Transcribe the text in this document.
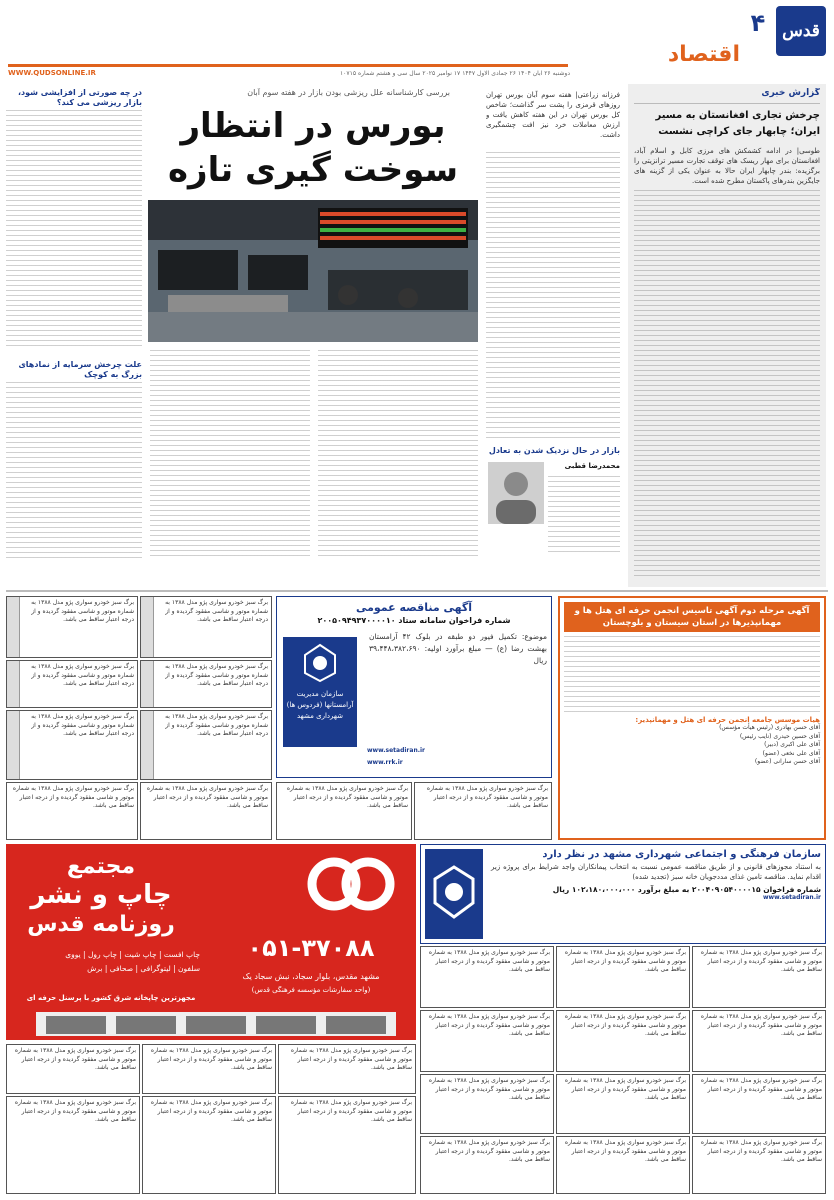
قدس
۴
اقتصاد
دوشنبه ۲۶ آبان ۱۴۰۴ ۲۶ جمادی الاول ۱۴۴۷ ۱۷ نوامبر ۲۰۲۵ سال سی و هشتم شماره ۱۰۷۱۵
WWW.QUDSONLINE.IR
گزارش خبری
چرخش تجاری افغانستان به مسیر ایران؛ چابهار جای کراچی نشست
طوسی| در ادامه کشمکش های مرزی کابل و اسلام آباد، افغانستان برای مهار ریسک های توقف تجارت مسیر ترانزیتی را برگزیده: بندر چابهار ایران حالا به عنوان یکی از گزینه های جایگزین بندرهای پاکستان مطرح شده است.
بررسی کارشناسانه علل ریزشی بودن بازار در هفته سوم آبان
بورس در انتظار سوخت گیری تازه
فرزانه زراعتی| هفته سوم آبان بورس تهران روزهای قرمزی را پشت سر گذاشت؛ شاخص کل بورس تهران در این هفته کاهش یافت و ارزش معاملات خرد نیز افت چشمگیری داشت.
بازار در حال نزدیک شدن به تعادل
محمدرضا قطبی
در چه صورتی از افزایشی شود، بازار ریزشی می کند؟
علت چرخش سرمایه از نمادهای بزرگ به کوچک
آگهی مرحله دوم آگهی تاسیس انجمن حرفه ای هتل ها و مهمانپذیرها در استان سیستان و بلوچستان
هیات موسس جامعه انجمن حرفه ای هتل و مهمانپذیر:
آقای حسن بهادری (رئیس هیأت مؤسس)
آقای حسین حیدری (نایب رئیس)
آقای علی اکبری (دبیر)
آقای علی نخعی (عضو)
آقای حسن سارانی (عضو)
آگهی مناقصه عمومی
شماره فراخوان سامانه ستاد ۲۰۰۵۰۹۴۹۳۷۰۰۰۰۱۰
موضوع: تکمیل فیور دو طبقه در بلوک ۴۲ آرامستان بهشت رضا (ع) — مبلغ برآورد اولیه: ۳۹،۴۴۸،۳۸۲،۶۹۰ ریال
سازمان مدیریت آرامستانها (فردوس ها) شهرداری مشهد
www.setadiran.ir
www.rrk.ir
برگ سبز خودرو سواری پژو مدل ۱۳۸۸ به شماره موتور و شاسی مفقود گردیده و از درجه اعتبار ساقط می باشد.
برگ سبز خودرو سواری پژو مدل ۱۳۸۸ به شماره موتور و شاسی مفقود گردیده و از درجه اعتبار ساقط می باشد.
برگ سبز خودرو سواری پژو مدل ۱۳۸۸ به شماره موتور و شاسی مفقود گردیده و از درجه اعتبار ساقط می باشد.
برگ سبز خودرو سواری پژو مدل ۱۳۸۸ به شماره موتور و شاسی مفقود گردیده و از درجه اعتبار ساقط می باشد.
برگ سبز خودرو سواری پژو مدل ۱۳۸۸ به شماره موتور و شاسی مفقود گردیده و از درجه اعتبار ساقط می باشد.
برگ سبز خودرو سواری پژو مدل ۱۳۸۸ به شماره موتور و شاسی مفقود گردیده و از درجه اعتبار ساقط می باشد.
برگ سبز خودرو سواری پژو مدل ۱۳۸۸ به شماره موتور و شاسی مفقود گردیده و از درجه اعتبار ساقط می باشد.
برگ سبز خودرو سواری پژو مدل ۱۳۸۸ به شماره موتور و شاسی مفقود گردیده و از درجه اعتبار ساقط می باشد.
برگ سبز خودرو سواری پژو مدل ۱۳۸۸ به شماره موتور و شاسی مفقود گردیده و از درجه اعتبار ساقط می باشد.
برگ سبز خودرو سواری پژو مدل ۱۳۸۸ به شماره موتور و شاسی مفقود گردیده و از درجه اعتبار ساقط می باشد.
مجتمع
چاپ و نشر
روزنامه قدس
چاپ افست | چاپ شیت | چاپ رول | یووی
سلفون | لیتوگرافی | صحافی | برش
مجهزترین چاپخانه شرق کشور با پرسنل حرفه ای
۰۵۱-۳۷۰۸۸
مشهد مقدس، بلوار سجاد، نبش سجاد یک
(واحد سفارشات مؤسسه فرهنگی قدس)
سازمان فرهنگی و اجتماعی شهرداری مشهد در نظر دارد
به استناد مجوزهای قانونی و از طریق مناقصه عمومی نسبت به انتخاب پیمانکاران واجد شرایط برای پروژه زیر اقدام نماید. مناقصه تامین غذای مددجویان خانه سبز (تجدید شده)
شماره فراخوان ۲۰۰۴۰۹۰۵۴۰۰۰۰۱۵ به مبلغ برآورد ۱۰۲،۱۸۰،۰۰۰،۰۰۰ ریال
www.setadiran.ir
برگ سبز خودرو سواری پژو مدل ۱۳۸۸ به شماره موتور و شاسی مفقود گردیده و از درجه اعتبار ساقط می باشد.
برگ سبز خودرو سواری پژو مدل ۱۳۸۸ به شماره موتور و شاسی مفقود گردیده و از درجه اعتبار ساقط می باشد.
برگ سبز خودرو سواری پژو مدل ۱۳۸۸ به شماره موتور و شاسی مفقود گردیده و از درجه اعتبار ساقط می باشد.
برگ سبز خودرو سواری پژو مدل ۱۳۸۸ به شماره موتور و شاسی مفقود گردیده و از درجه اعتبار ساقط می باشد.
برگ سبز خودرو سواری پژو مدل ۱۳۸۸ به شماره موتور و شاسی مفقود گردیده و از درجه اعتبار ساقط می باشد.
برگ سبز خودرو سواری پژو مدل ۱۳۸۸ به شماره موتور و شاسی مفقود گردیده و از درجه اعتبار ساقط می باشد.
برگ سبز خودرو سواری پژو مدل ۱۳۸۸ به شماره موتور و شاسی مفقود گردیده و از درجه اعتبار ساقط می باشد.
برگ سبز خودرو سواری پژو مدل ۱۳۸۸ به شماره موتور و شاسی مفقود گردیده و از درجه اعتبار ساقط می باشد.
برگ سبز خودرو سواری پژو مدل ۱۳۸۸ به شماره موتور و شاسی مفقود گردیده و از درجه اعتبار ساقط می باشد.
برگ سبز خودرو سواری پژو مدل ۱۳۸۸ به شماره موتور و شاسی مفقود گردیده و از درجه اعتبار ساقط می باشد.
برگ سبز خودرو سواری پژو مدل ۱۳۸۸ به شماره موتور و شاسی مفقود گردیده و از درجه اعتبار ساقط می باشد.
برگ سبز خودرو سواری پژو مدل ۱۳۸۸ به شماره موتور و شاسی مفقود گردیده و از درجه اعتبار ساقط می باشد.
برگ سبز خودرو سواری پژو مدل ۱۳۸۸ به شماره موتور و شاسی مفقود گردیده و از درجه اعتبار ساقط می باشد.
برگ سبز خودرو سواری پژو مدل ۱۳۸۸ به شماره موتور و شاسی مفقود گردیده و از درجه اعتبار ساقط می باشد.
برگ سبز خودرو سواری پژو مدل ۱۳۸۸ به شماره موتور و شاسی مفقود گردیده و از درجه اعتبار ساقط می باشد.
برگ سبز خودرو سواری پژو مدل ۱۳۸۸ به شماره موتور و شاسی مفقود گردیده و از درجه اعتبار ساقط می باشد.
برگ سبز خودرو سواری پژو مدل ۱۳۸۸ به شماره موتور و شاسی مفقود گردیده و از درجه اعتبار ساقط می باشد.
برگ سبز خودرو سواری پژو مدل ۱۳۸۸ به شماره موتور و شاسی مفقود گردیده و از درجه اعتبار ساقط می باشد.
